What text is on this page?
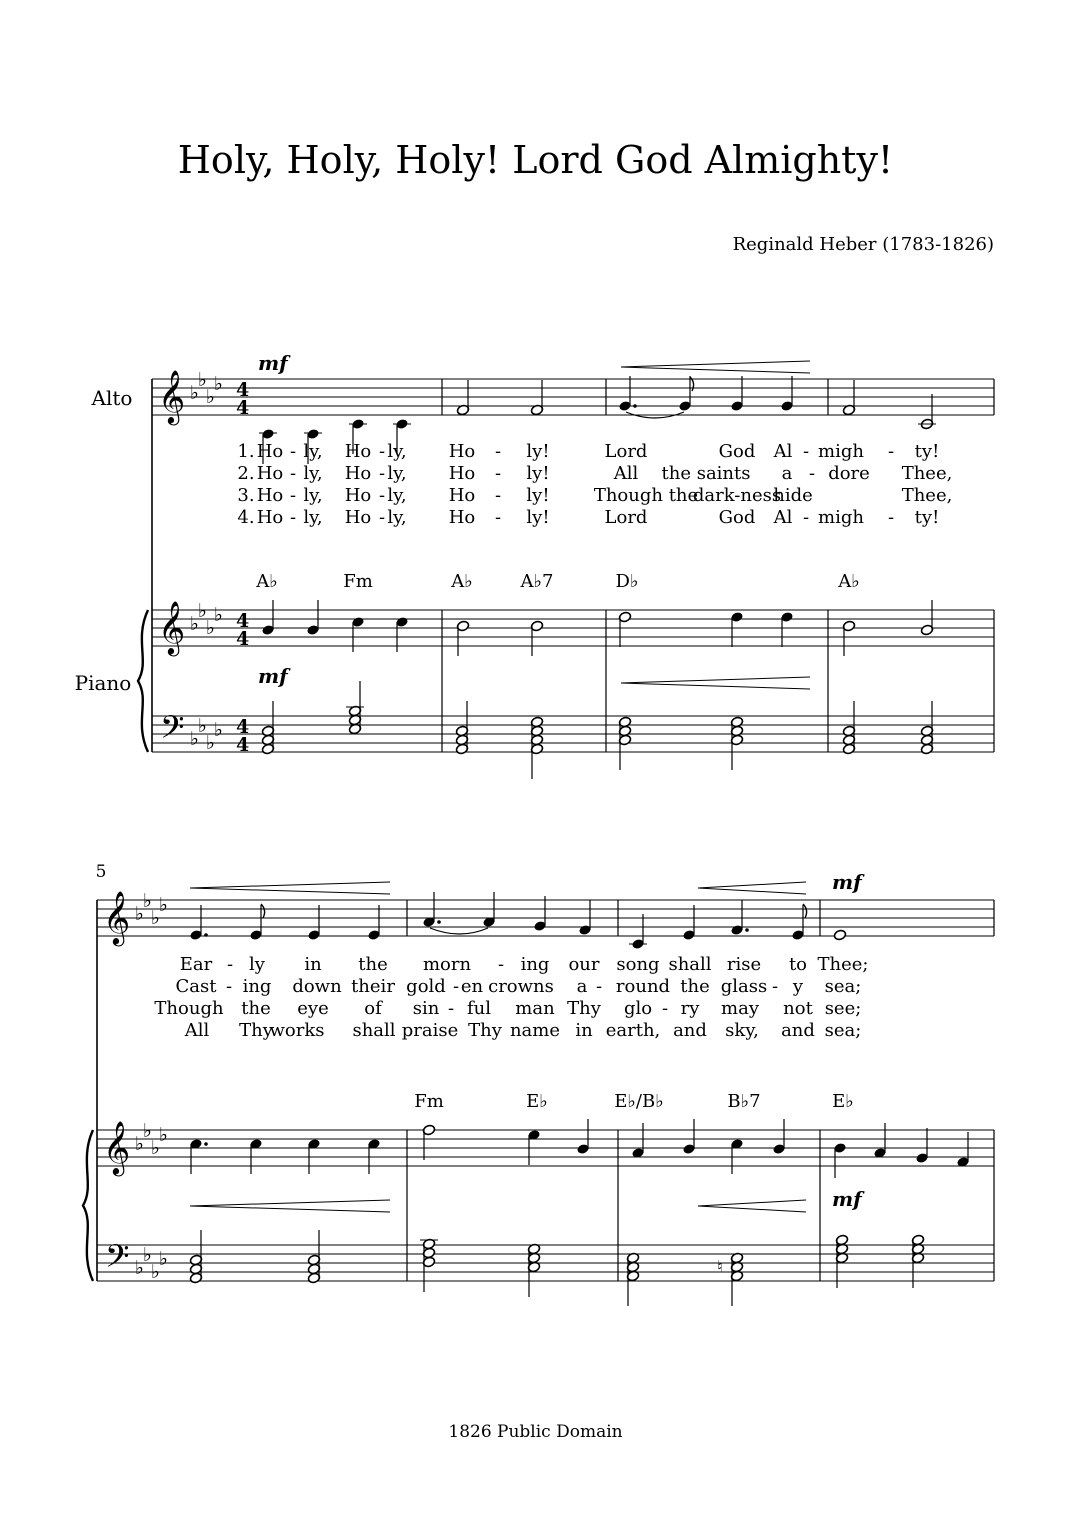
Holy, Holy, Holy! Lord God Almighty!
Reginald Heber (1783-1826)
1826 Public Domain
Alto
Piano
𝄞
𝄞
𝄢
♭
♭
♭
♭
♭
♭
♭
♭
♭
♭
♭
♭
4
4
4
4
4
4
mf
mf
A♭	Fm	A♭	A♭7	D♭	A♭
1. Ho - ly, Ho - ly, Ho - ly!	Lord	God Al - migh - ty!
2. Ho - ly, Ho - ly, Ho - ly!	All the saints a - dore Thee,
3. Ho - ly, Ho - ly, Ho - ly! Though the
dark-ness
hide	Thee,
4. Ho - ly, Ho - ly, Ho - ly!	Lord	God Al - migh - ty!
5
𝄞
𝄞
𝄢
♭
♭
♭
♭
♭
♭
♭
♭
♭
♭
♭
♭
mf
mf
♮
Fm	E♭	E♭/B♭	B♭7	E♭
Ear - ly in the morn - ing our song shall rise to Thee;
Cast - ing down their gold - en crowns a - round the glass - y sea;
Though the eye of sin - ful man Thy glo - ry may not see;
All Thy
works shall praise Thy name in earth, and sky, and sea;
